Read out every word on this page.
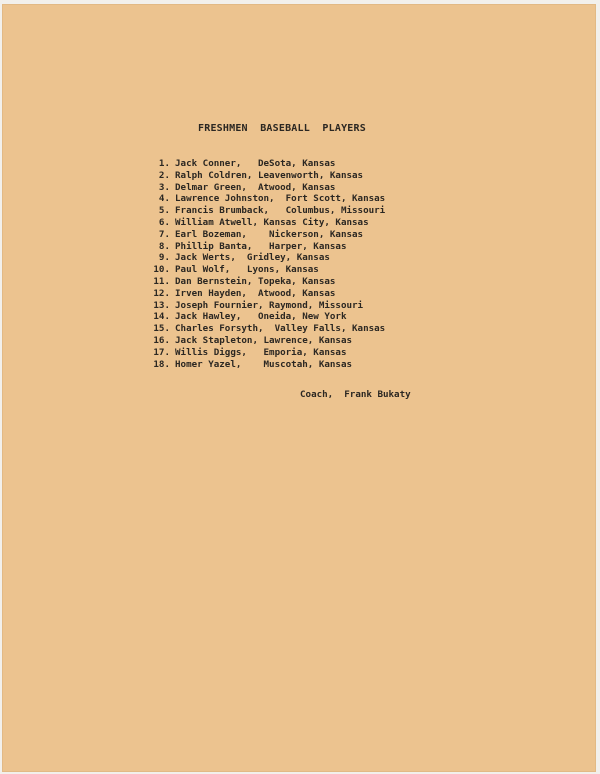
FRESHMEN  BASEBALL  PLAYERS

1. Jack Conner,   DeSota, Kansas
2. Ralph Coldren, Leavenworth, Kansas
3. Delmar Green,  Atwood, Kansas
4. Lawrence Johnston,  Fort Scott, Kansas
5. Francis Brumback,   Columbus, Missouri
6. William Atwell, Kansas City, Kansas
7. Earl Bozeman,    Nickerson, Kansas
8. Phillip Banta,   Harper, Kansas
9. Jack Werts,  Gridley, Kansas
10. Paul Wolf,   Lyons, Kansas
11. Dan Bernstein, Topeka, Kansas
12. Irven Hayden,  Atwood, Kansas
13. Joseph Fournier, Raymond, Missouri
14. Jack Hawley,   Oneida, New York
15. Charles Forsyth,  Valley Falls, Kansas
16. Jack Stapleton, Lawrence, Kansas
17. Willis Diggs,   Emporia, Kansas
18. Homer Yazel,    Muscotah, Kansas

Coach,  Frank Bukaty
